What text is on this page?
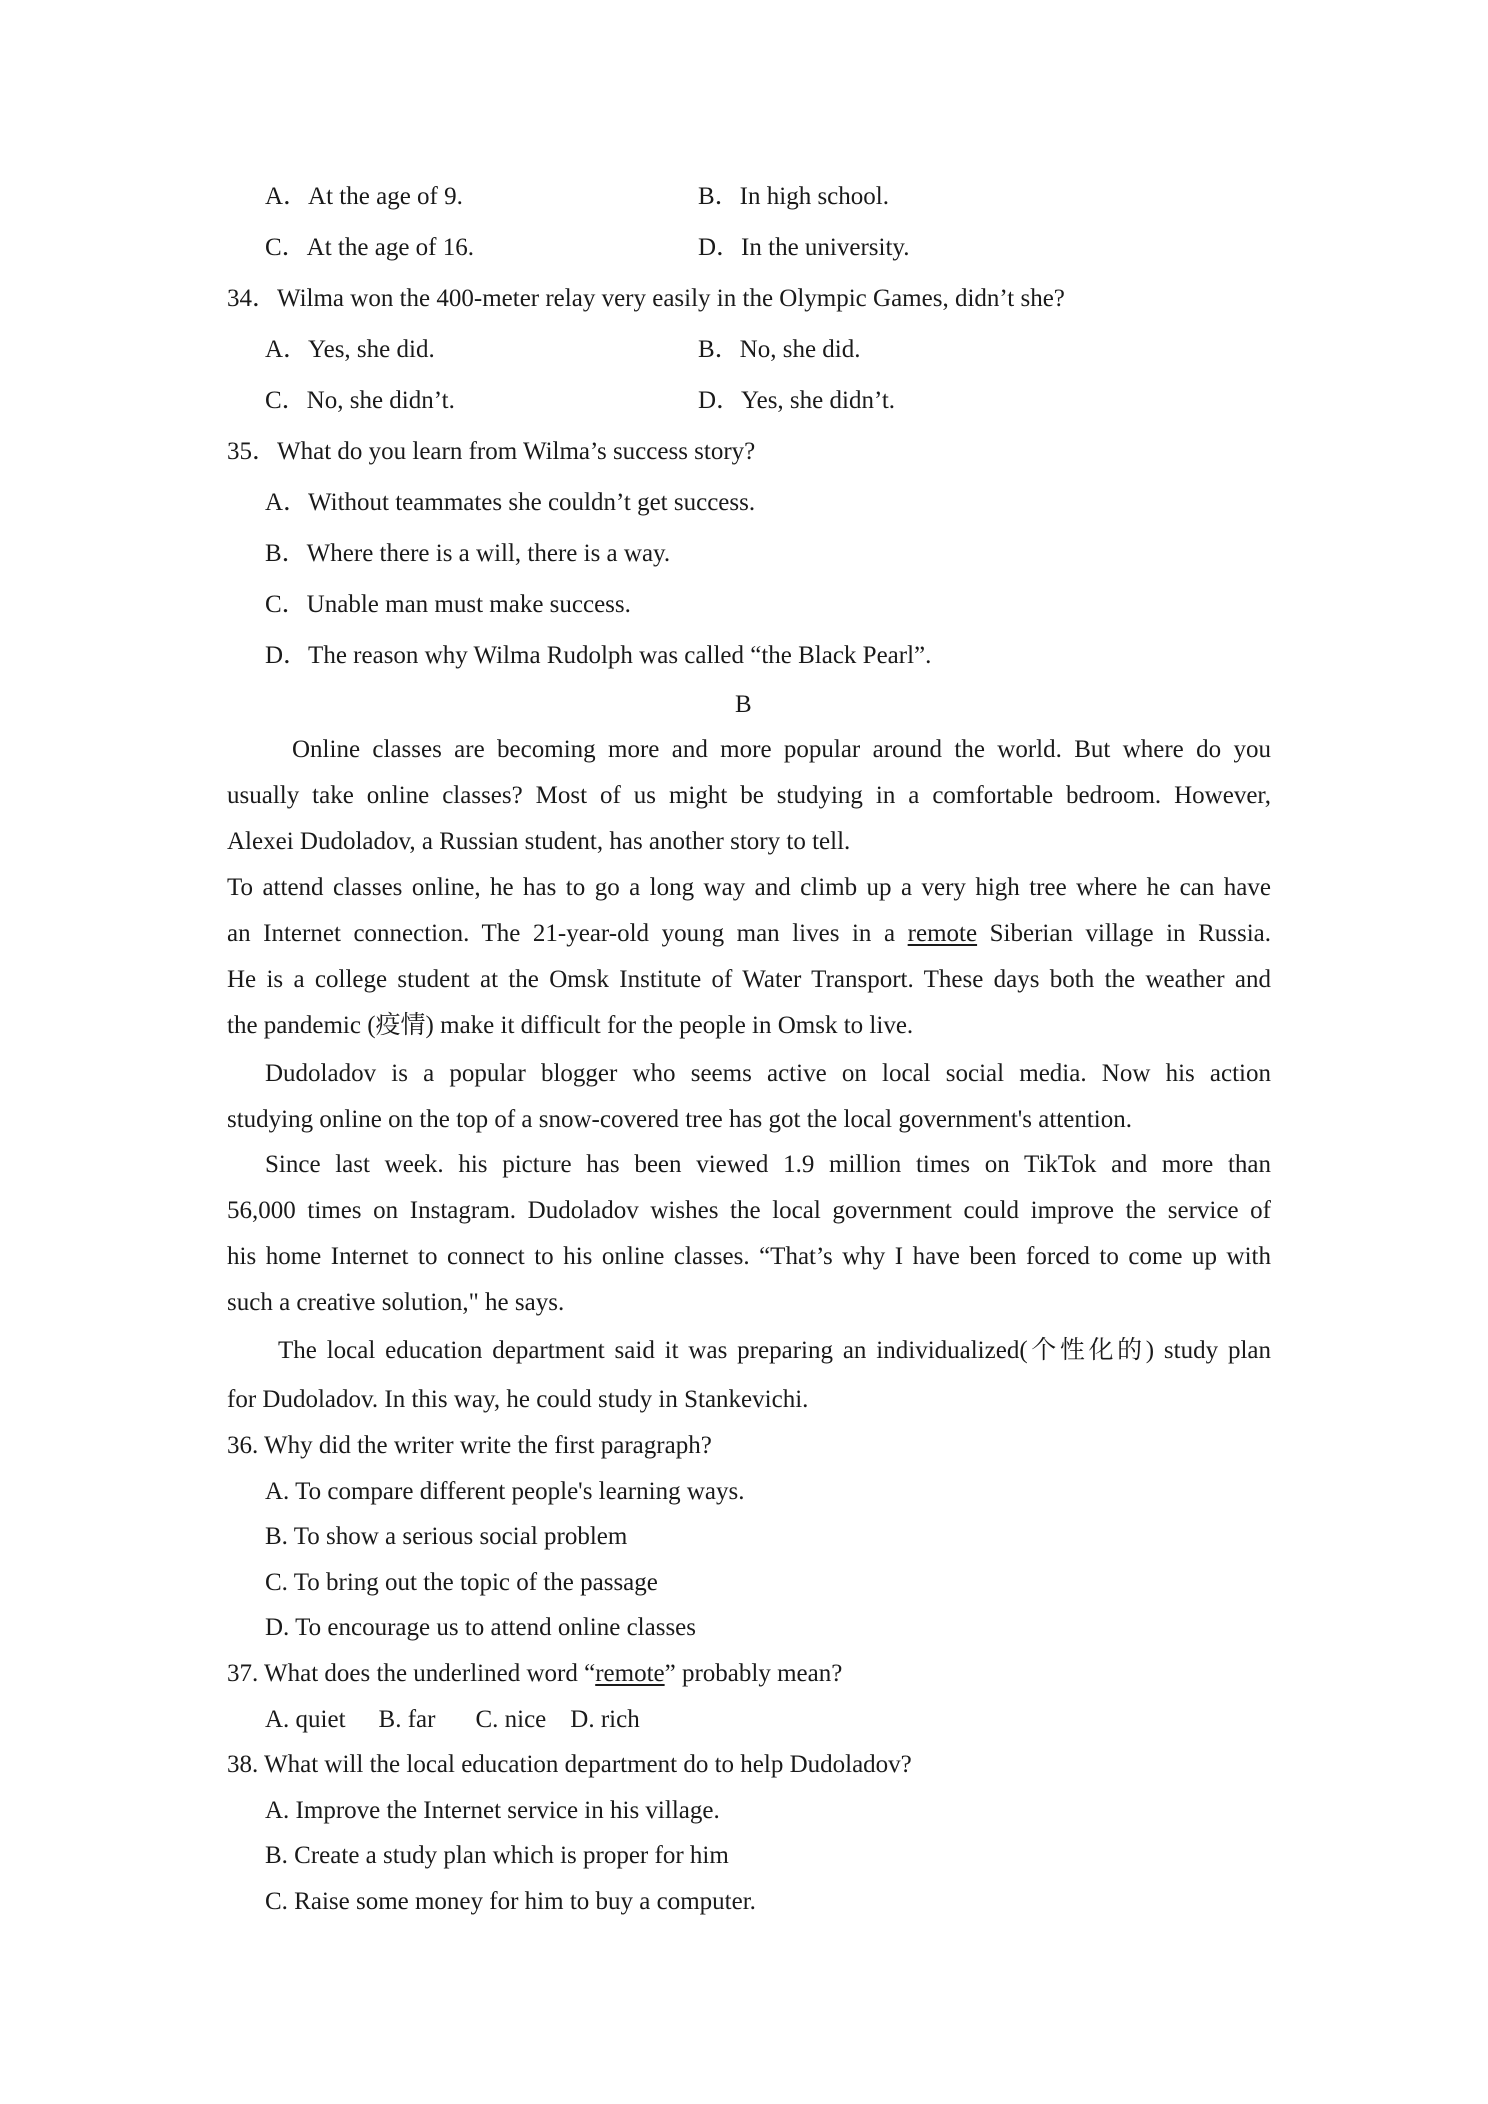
A．At the age of 9.	B．In high school.
C．At the age of 16.	D．In the university.
34．Wilma won the 400-meter relay very easily in the Olympic Games, didn’t she?
A．Yes, she did.	B．No, she did.
C．No, she didn’t.	D．Yes, she didn’t.
35．What do you learn from Wilma’s success story?
A．Without teammates she couldn’t get success.
B．Where there is a will, there is a way.
C．Unable man must make success.
D．The reason why Wilma Rudolph was called “the Black Pearl”.
B
Online classes are becoming more and more popular around the world. But where do you
usually take online classes? Most of us might be studying in a comfortable bedroom. However,
Alexei Dudoladov, a Russian student, has another story to tell.
To attend classes online, he has to go a long way and climb up a very high tree where he can have
an Internet connection. The 21-year-old young man lives in a remote Siberian village in Russia.
He is a college student at the Omsk Institute of Water Transport. These days both the weather and
the pandemic (疫情) make it difficult for the people in Omsk to live.
Dudoladov is a popular blogger who seems active on local social media. Now his action
studying online on the top of a snow-covered tree has got the local government's attention.
Since last week. his picture has been viewed 1.9 million times on TikTok and more than
56,000 times on Instagram. Dudoladov wishes the local government could improve the service of
his home Internet to connect to his online classes. “That’s why I have been forced to come up with
such a creative solution," he says.
The local education department said it was preparing an individualized(个性化的) study plan
for Dudoladov. In this way, he could study in Stankevichi.
36. Why did the writer write the first paragraph?
A. To compare different people's learning ways.
B. To show a serious social problem
C. To bring out the topic of the passage
D. To encourage us to attend online classes
37. What does the underlined word “remote” probably mean?
A. quiet B. far C. nice D. rich
38. What will the local education department do to help Dudoladov?
A. Improve the Internet service in his village.
B. Create a study plan which is proper for him
C. Raise some money for him to buy a computer.
